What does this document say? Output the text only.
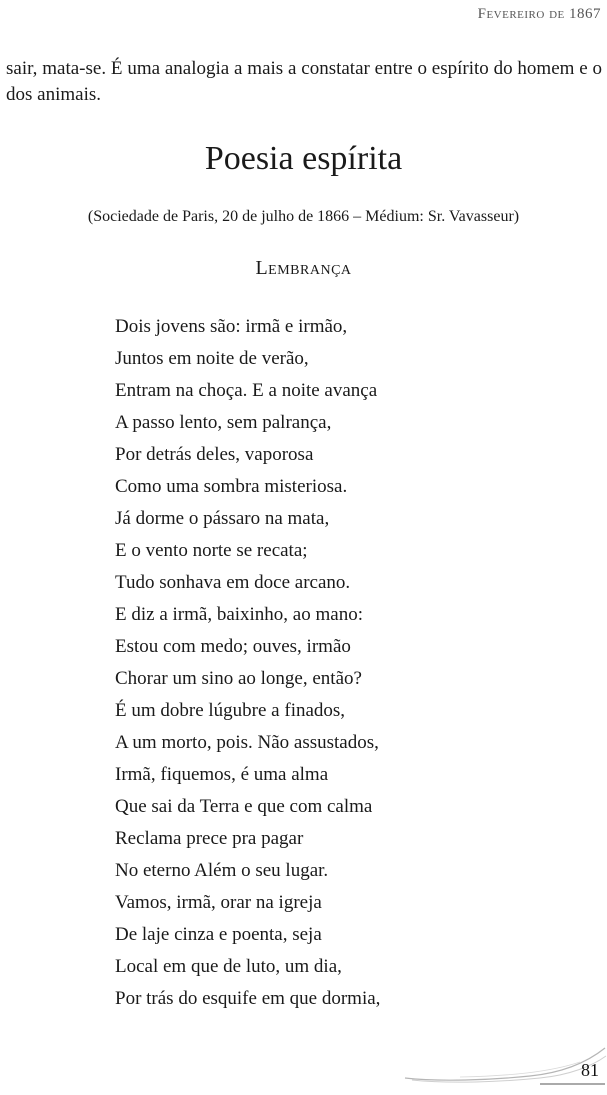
Fevereiro de 1867

sair, mata-se. É uma analogia a mais a constatar entre o espírito do homem e o dos animais.

Poesia espírita
(Sociedade de Paris, 20 de julho de 1866 – Médium: Sr. Vavasseur)
Lembrança
Dois jovens são: irmã e irmão,
Juntos em noite de verão,
Entram na choça. E a noite avança
A passo lento, sem palrança,
Por detrás deles, vaporosa
Como uma sombra misteriosa.
Já dorme o pássaro na mata,
E o vento norte se recata;
Tudo sonhava em doce arcano.
E diz a irmã, baixinho, ao mano:
Estou com medo; ouves, irmão
Chorar um sino ao longe, então?
É um dobre lúgubre a finados,
A um morto, pois. Não assustados,
Irmã, fiquemos, é uma alma
Que sai da Terra e que com calma
Reclama prece pra pagar
No eterno Além o seu lugar.
Vamos, irmã, orar na igreja
De laje cinza e poenta, seja
Local em que de luto, um dia,
Por trás do esquife em que dormia,
81
